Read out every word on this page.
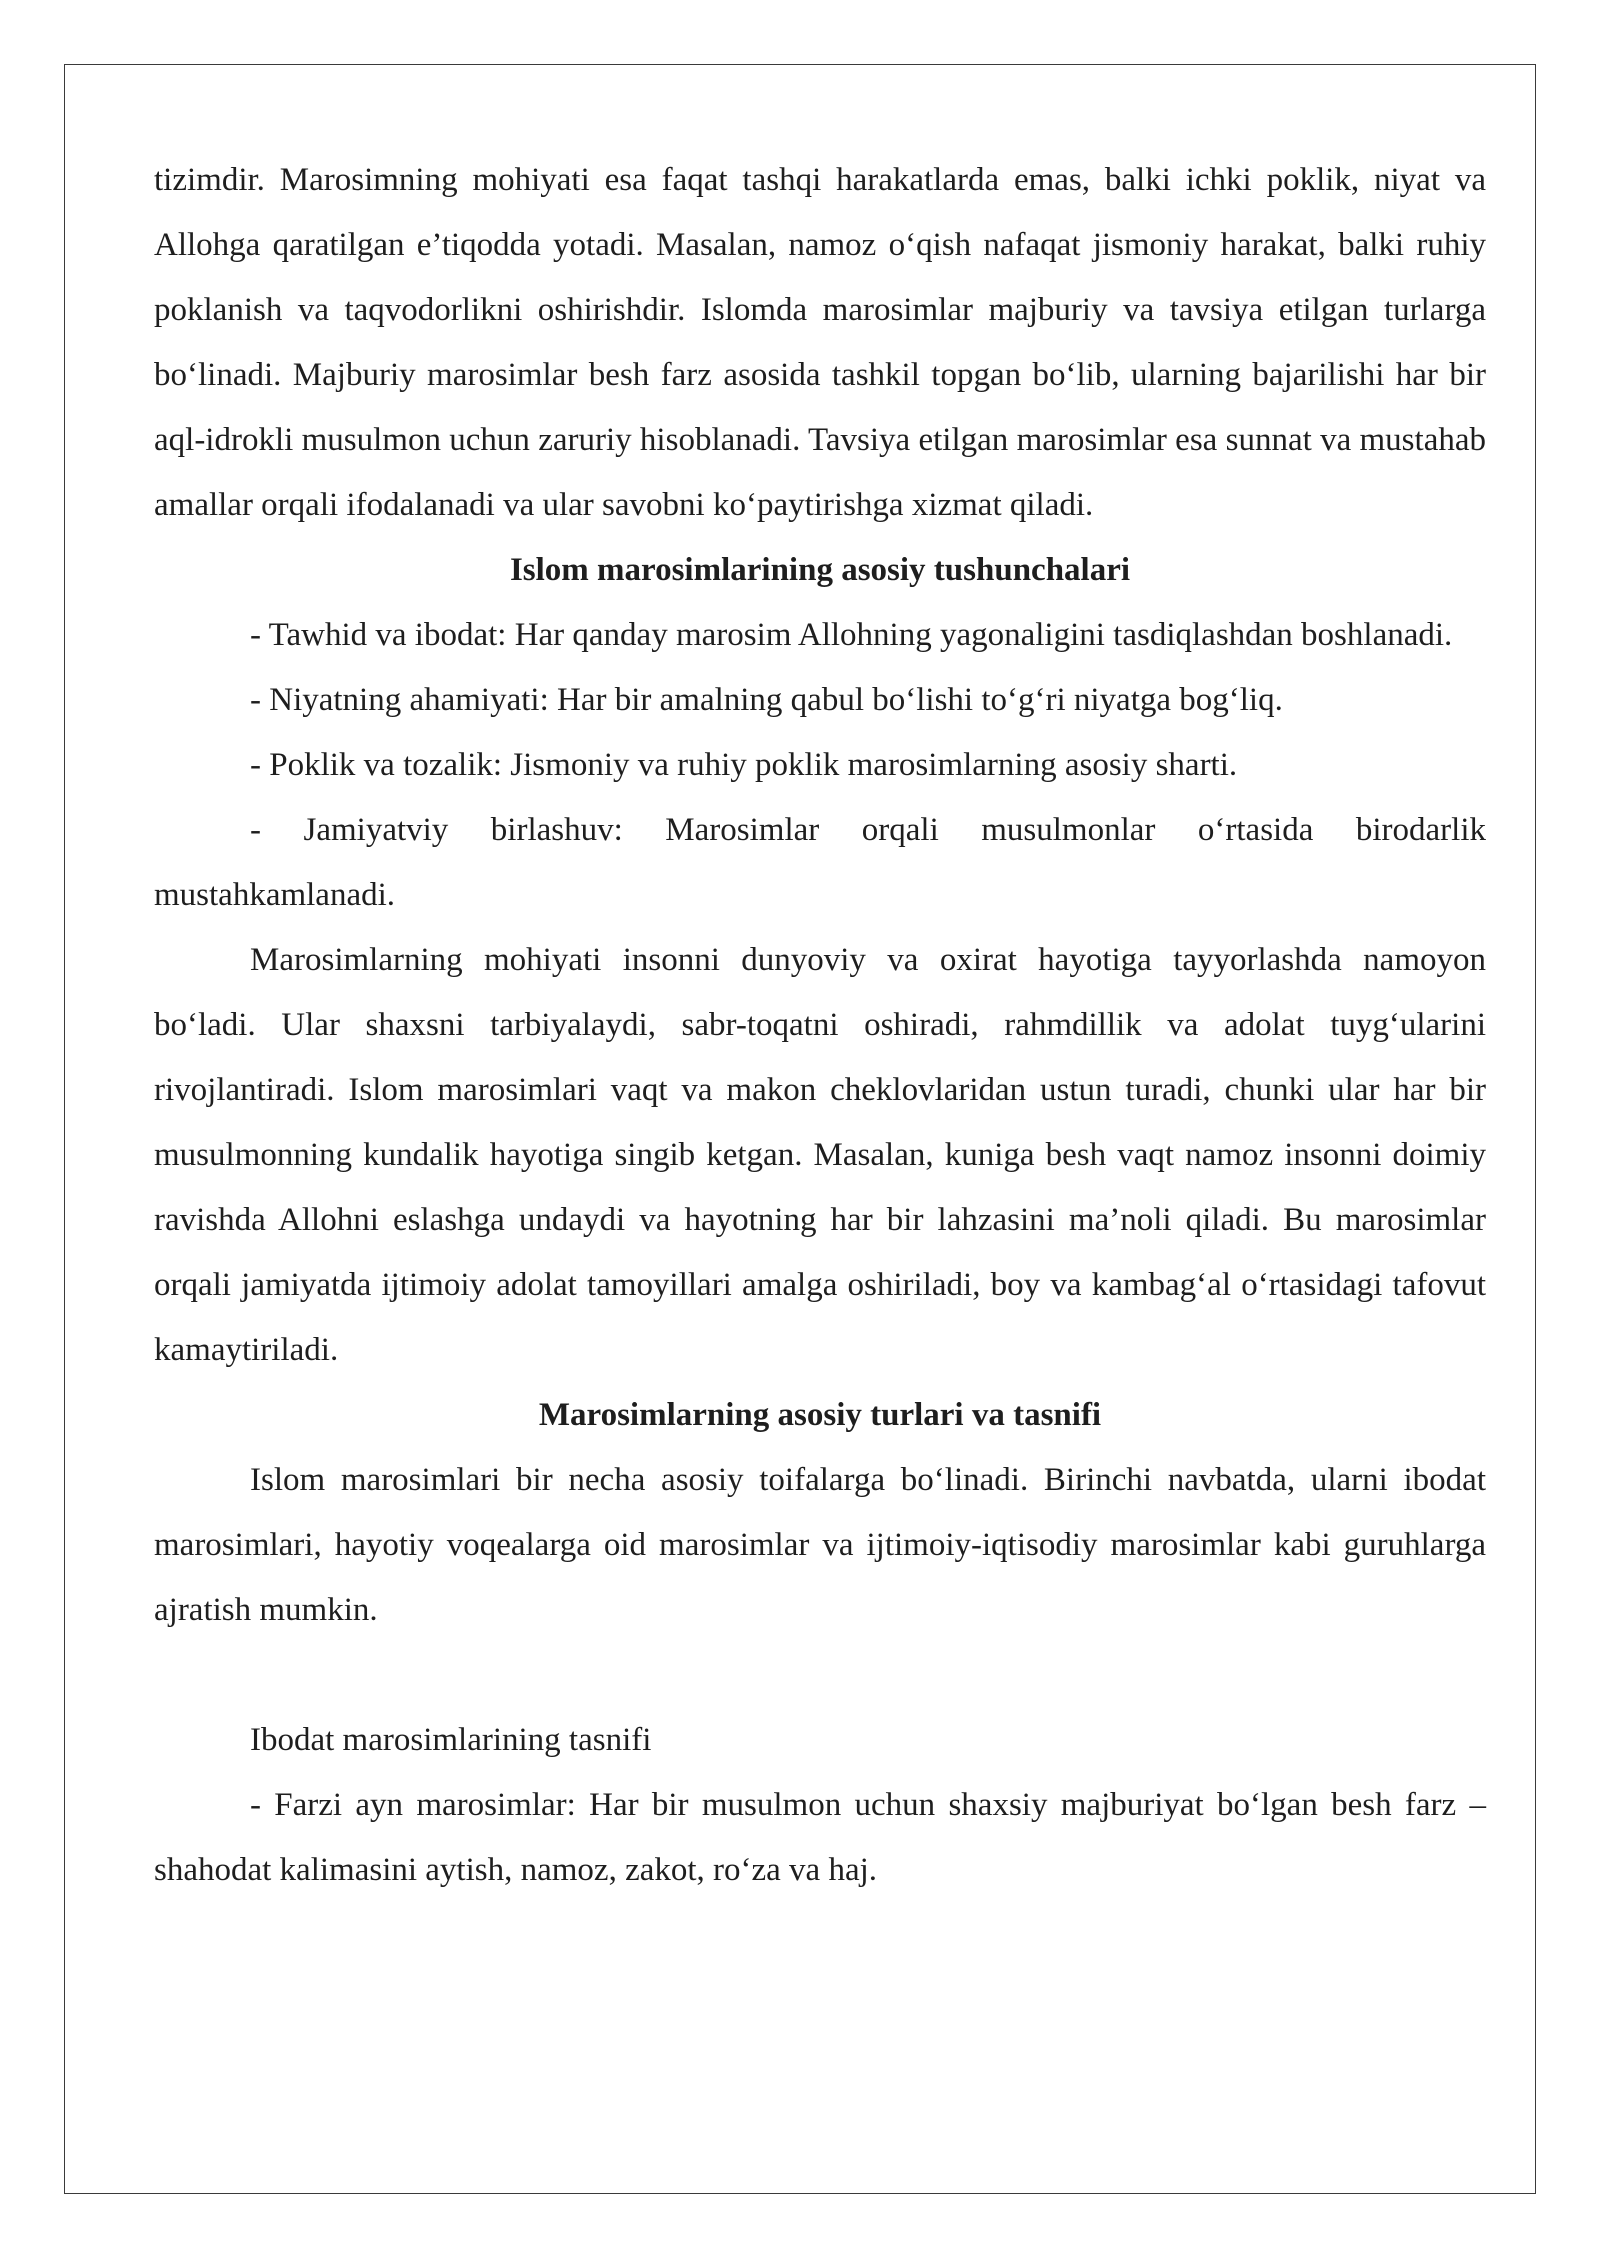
tizimdir. Marosimning mohiyati esa faqat tashqi harakatlarda emas, balki ichki poklik, niyat va Allohga qaratilgan e’tiqodda yotadi. Masalan, namoz o‘qish nafaqat jismoniy harakat, balki ruhiy poklanish va taqvodorlikni oshirishdir. Islomda marosimlar majburiy va tavsiya etilgan turlarga bo‘linadi. Majburiy marosimlar besh farz asosida tashkil topgan bo‘lib, ularning bajarilishi har bir aql-idrokli musulmon uchun zaruriy hisoblanadi. Tavsiya etilgan marosimlar esa sunnat va mustahab amallar orqali ifodalanadi va ular savobni ko‘paytirishga xizmat qiladi.

Islom marosimlarining asosiy tushunchalari

- Tawhid va ibodat: Har qanday marosim Allohning yagonaligini tasdiqlashdan boshlanadi.

- Niyatning ahamiyati: Har bir amalning qabul bo‘lishi to‘g‘ri niyatga bog‘liq.

- Poklik va tozalik: Jismoniy va ruhiy poklik marosimlarning asosiy sharti.

- Jamiyatviy birlashuv: Marosimlar orqali musulmonlar o‘rtasida birodarlik mustahkamlanadi.

Marosimlarning mohiyati insonni dunyoviy va oxirat hayotiga tayyorlashda namoyon bo‘ladi. Ular shaxsni tarbiyalaydi, sabr-toqatni oshiradi, rahmdillik va adolat tuyg‘ularini rivojlantiradi. Islom marosimlari vaqt va makon cheklovlaridan ustun turadi, chunki ular har bir musulmonning kundalik hayotiga singib ketgan. Masalan, kuniga besh vaqt namoz insonni doimiy ravishda Allohni eslashga undaydi va hayotning har bir lahzasini ma’noli qiladi. Bu marosimlar orqali jamiyatda ijtimoiy adolat tamoyillari amalga oshiriladi, boy va kambag‘al o‘rtasidagi tafovut kamaytiriladi.

Marosimlarning asosiy turlari va tasnifi

Islom marosimlari bir necha asosiy toifalarga bo‘linadi. Birinchi navbatda, ularni ibodat marosimlari, hayotiy voqealarga oid marosimlar va ijtimoiy-iqtisodiy marosimlar kabi guruhlarga ajratish mumkin.

Ibodat marosimlarining tasnifi

- Farzi ayn marosimlar: Har bir musulmon uchun shaxsiy majburiyat bo‘lgan besh farz – shahodat kalimasini aytish, namoz, zakot, ro‘za va haj.
